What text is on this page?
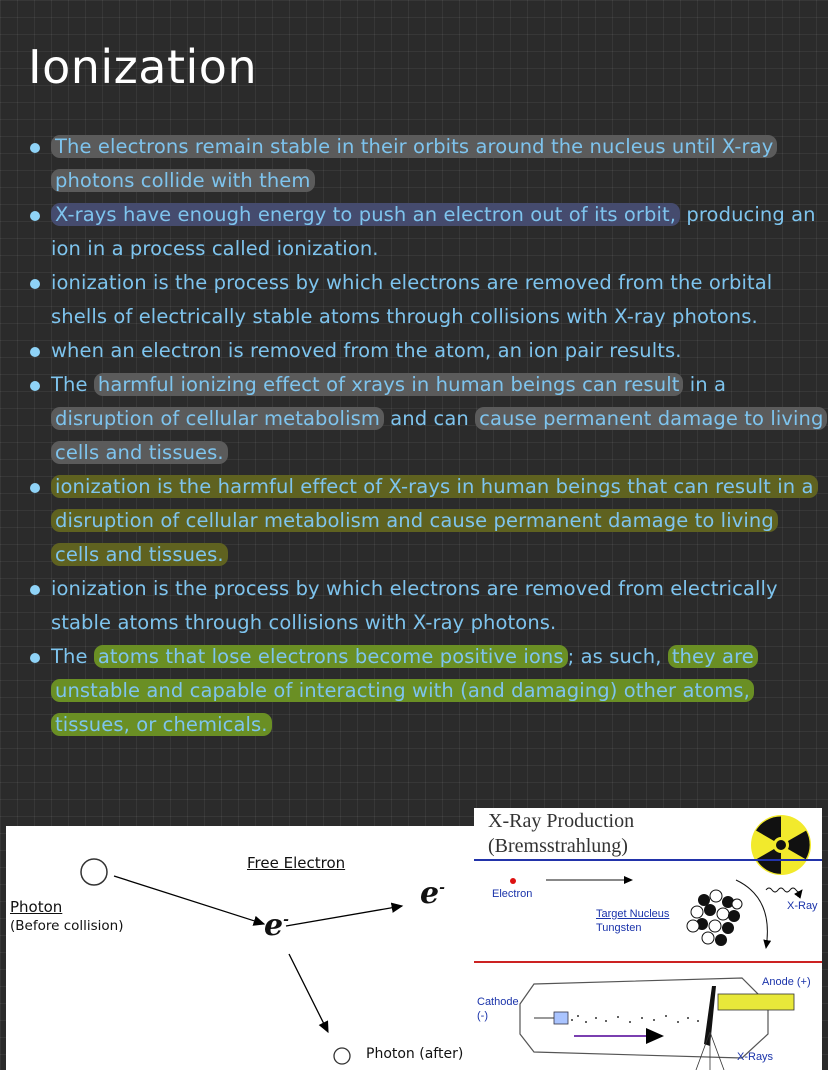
Ionization
The electrons remain stable in their orbits around the nucleus until X-ray photons collide with them
X-rays have enough energy to push an electron out of its orbit, producing an ion in a process called ionization.
ionization is the process by which electrons are removed from the orbital shells of electrically stable atoms through collisions with X-ray photons.
when an electron is removed from the atom, an ion pair results.
The harmful ionizing effect of xrays in human beings can result in a disruption of cellular metabolism and can cause permanent damage to living cells and tissues.
ionization is the harmful effect of X-rays in human beings that can result in a disruption of cellular metabolism and cause permanent damage to living cells and tissues.
ionization is the process by which electrons are removed from electrically stable atoms through collisions with X-ray photons.
The atoms that lose electrons become positive ions ; as such, they are unstable and capable of interacting with (and damaging) other atoms, tissues, or chemicals.
Photon
(Before collision)
Free Electron
e-
e-
Photon (after)
X-Ray Production
(Bremsstrahlung)
Electron
Target Nucleus
Tungsten
X-Ray
Anode (+)
Cathode
(-)
X-Rays
